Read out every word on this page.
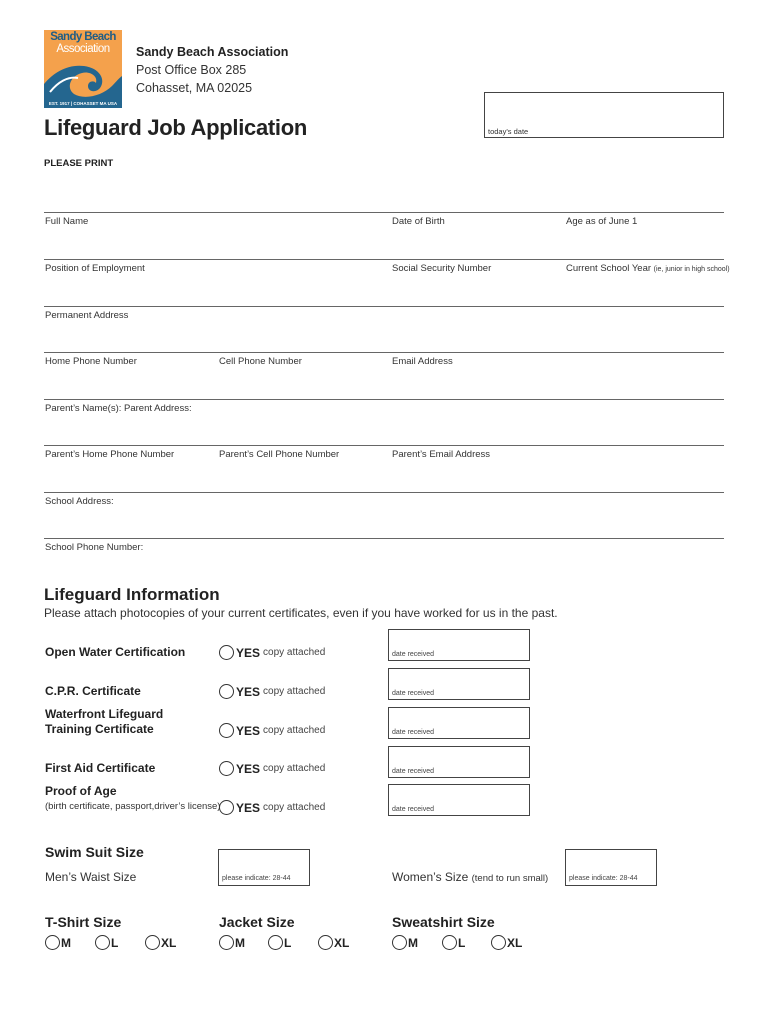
Sandy Beach
Association
EST. 1917 | COHASSET MA USA
Sandy Beach Association
Post Office Box 285
Cohasset, MA 02025
today's date
Lifeguard Job Application
PLEASE PRINT
Full Name	Date of Birth	Age as of June 1
Position of Employment	Social Security Number	Current School Year (ie, junior in high school)
Permanent Address
Home Phone Number	Cell Phone Number	Email Address
Parent’s Name(s): Parent Address:
Parent’s Home Phone Number	Parent’s Cell Phone Number	Parent’s Email Address
School Address:
School Phone Number:
Lifeguard Information
Please attach photocopies of your current certificates, even if you have worked for us in the past.
Open Water Certification	YES copy attached	date received
C.P.R. Certificate	YES copy attached	date received
Waterfront Lifeguard
Training Certificate	YES copy attached	date received
First Aid Certificate	YES copy attached	date received
Proof of Age
(birth certificate, passport,driver’s license) YES copy attached	date received
Swim Suit Size
Men’s Waist Size	please indicate: 28-44	Women’s Size (tend to run small)	please indicate: 28-44
T-Shirt Size	Jacket Size	Sweatshirt Size
M	L	XL	M	L	XL	M	L	XL
